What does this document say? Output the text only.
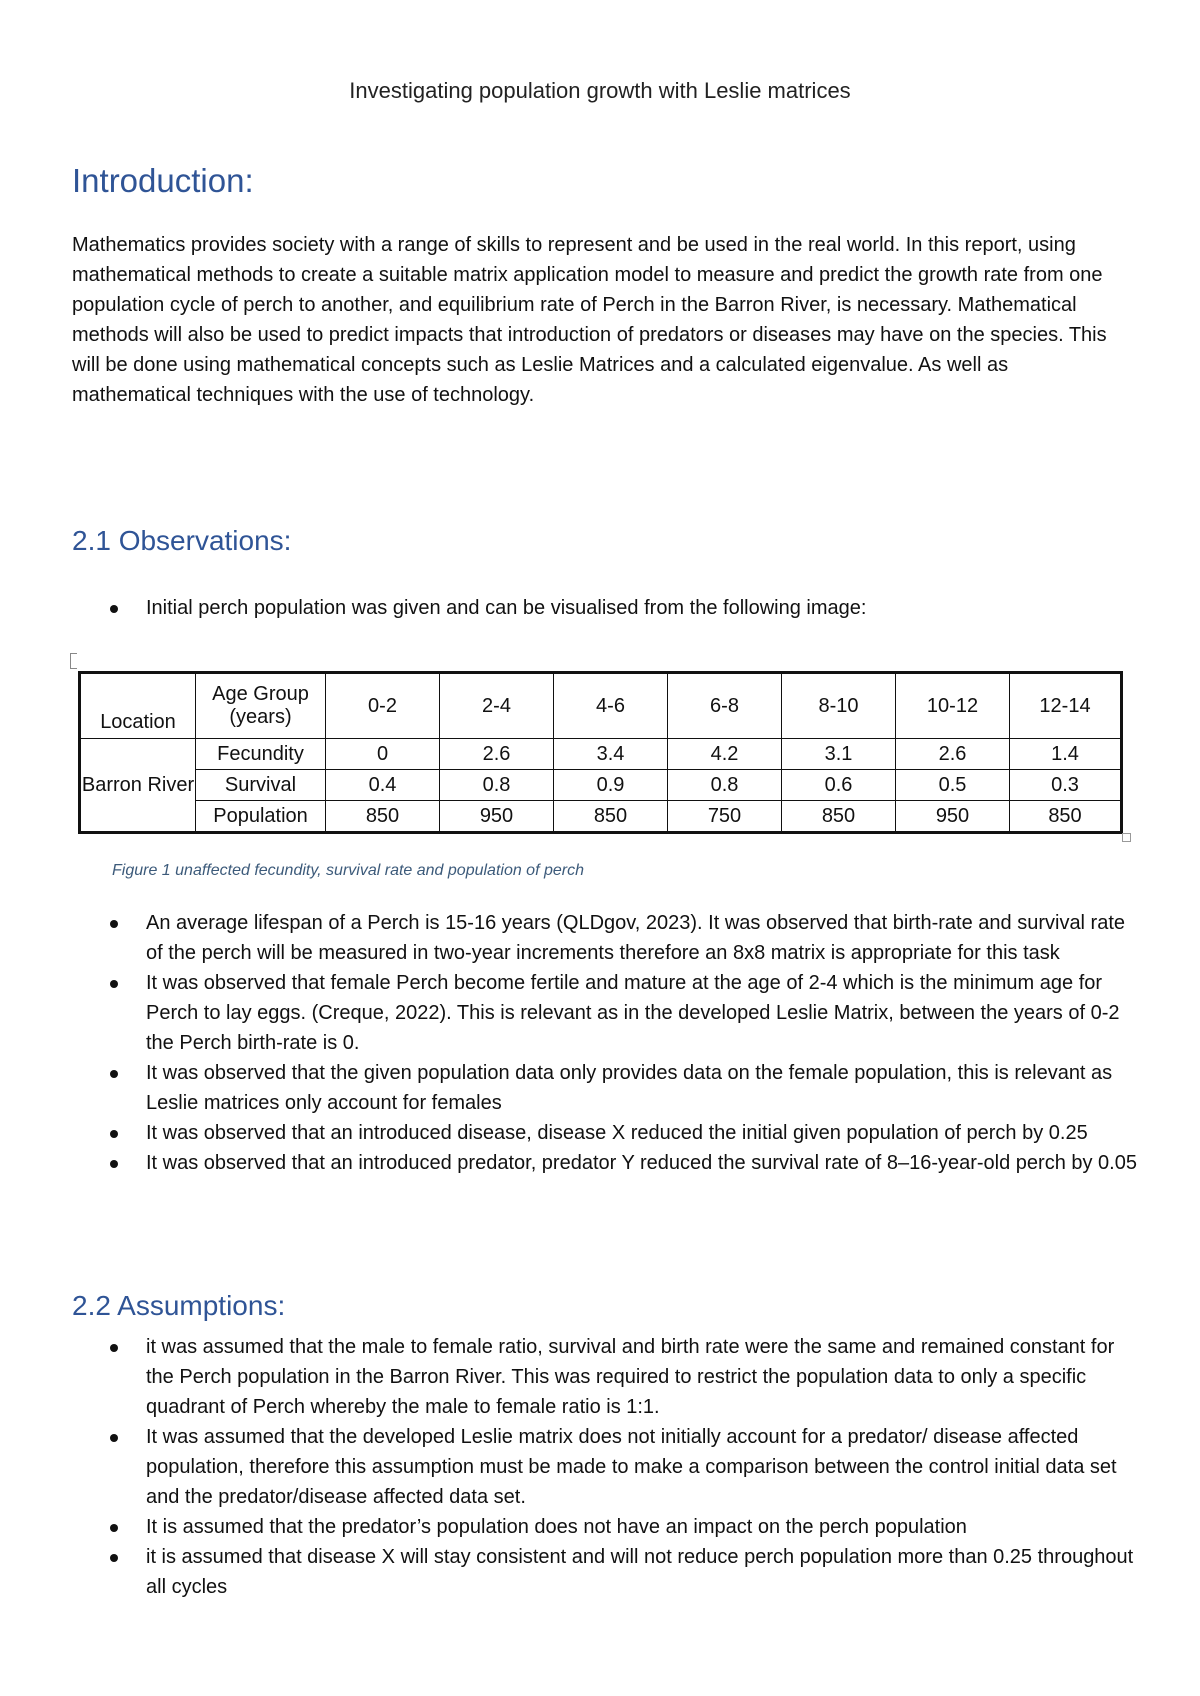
Investigating population growth with Leslie matrices
Introduction:

Mathematics provides society with a range of skills to represent and be used in the real world. In this report, using mathematical methods to create a suitable matrix application model to measure and predict the growth rate from one population cycle of perch to another, and equilibrium rate of Perch in the Barron River, is necessary. Mathematical methods will also be used to predict impacts that introduction of predators or diseases may have on the species. This will be done using mathematical concepts such as Leslie Matrices and a calculated eigenvalue. As well as mathematical techniques with the use of technology.

2.1 Observations:
Initial perch population was given and can be visualised from the following image:
Location	Age Group (years)	0-2	2-4	4-6	6-8	8-10	10-12	12-14
Barron River	Fecundity	0	2.6	3.4	4.2	3.1	2.6	1.4
	Survival	0.4	0.8	0.9	0.8	0.6	0.5	0.3
	Population	850	950	850	750	850	950	850
Figure 1 unaffected fecundity, survival rate and population of perch
An average lifespan of a Perch is 15-16 years (QLDgov, 2023). It was observed that birth-rate and survival rate of the perch will be measured in two-year increments therefore an 8x8 matrix is appropriate for this task
It was observed that female Perch become fertile and mature at the age of 2-4 which is the minimum age for Perch to lay eggs. (Creque, 2022). This is relevant as in the developed Leslie Matrix, between the years of 0-2 the Perch birth-rate is 0.
It was observed that the given population data only provides data on the female population, this is relevant as Leslie matrices only account for females
It was observed that an introduced disease, disease X reduced the initial given population of perch by 0.25
It was observed that an introduced predator, predator Y reduced the survival rate of 8–16-year-old perch by 0.05
2.2 Assumptions:
it was assumed that the male to female ratio, survival and birth rate were the same and remained constant for the Perch population in the Barron River. This was required to restrict the population data to only a specific quadrant of Perch whereby the male to female ratio is 1:1.
It was assumed that the developed Leslie matrix does not initially account for a predator/ disease affected population, therefore this assumption must be made to make a comparison between the control initial data set and the predator/disease affected data set.
It is assumed that the predator’s population does not have an impact on the perch population
it is assumed that disease X will stay consistent and will not reduce perch population more than 0.25 throughout all cycles
